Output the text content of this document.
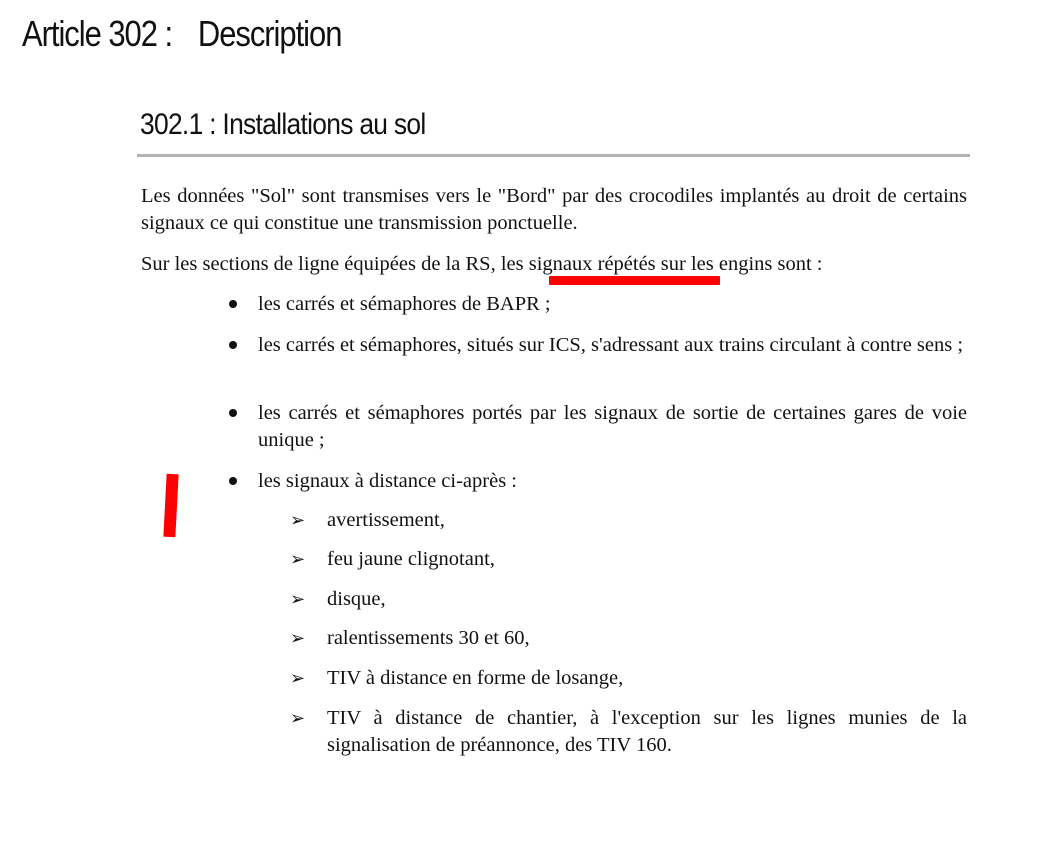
Article 302 : Description
302.1 : Installations au sol

Les données "Sol" sont transmises vers le "Bord" par des crocodiles implantés au droit de certains signaux ce qui constitue une transmission ponctuelle.

Sur les sections de ligne équipées de la RS, les signaux répétés sur les engins sont :

les carrés et sémaphores de BAPR ;
les carrés et sémaphores, situés sur ICS, s'adressant aux trains circulant à contre sens ;
les carrés et sémaphores portés par les signaux de sortie de certaines gares de voie unique ;
les signaux à distance ci-après :
➢ avertissement,
➢ feu jaune clignotant,
➢ disque,
➢ ralentissements 30 et 60,
➢ TIV à distance en forme de losange,
➢ TIV à distance de chantier, à l'exception sur les lignes munies de la signalisation de préannonce, des TIV 160.
